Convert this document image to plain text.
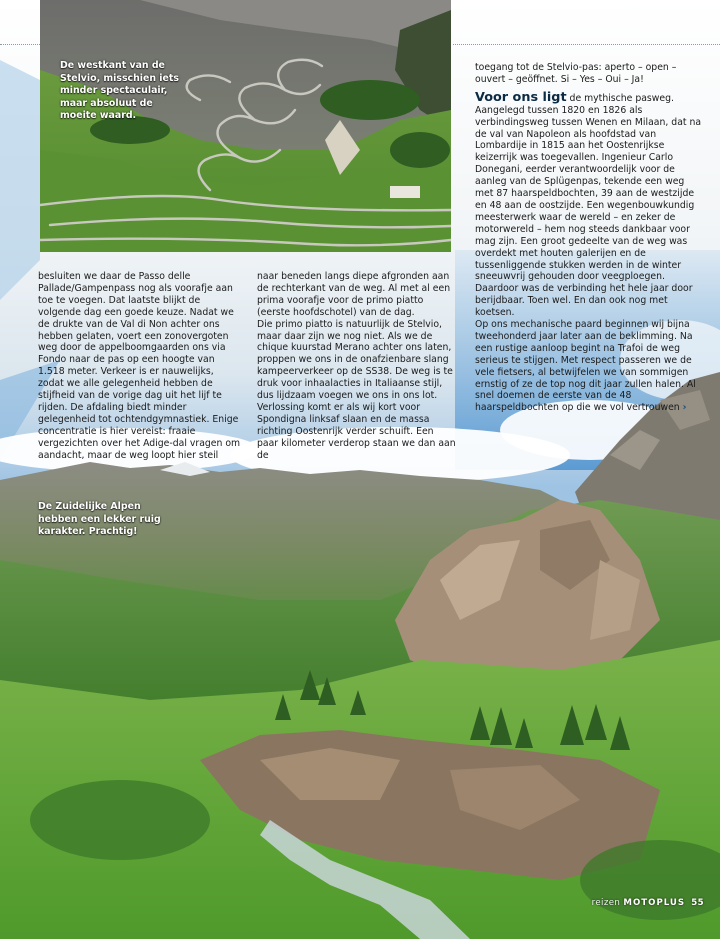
De westkant van de Stelvio, misschien iets minder spectaculair, maar absoluut de moeite waard.
De Zuidelijke Alpen hebben een lekker ruig karakter. Prachtig!

toegang tot de Stelvio-pas: aperto – open – ouvert – geöffnet. Si – Yes – Oui – Ja!

Voor ons ligt de mythische pasweg. Aangelegd tussen 1820 en 1826 als verbindingsweg tussen Wenen en Milaan, dat na de val van Napoleon als hoofdstad van Lombardije in 1815 aan het Oostenrijkse keizerrijk was toegevallen. Ingenieur Carlo Donegani, eerder verantwoordelijk voor de aanleg van de Splügenpas, tekende een weg met 87 haarspeldbochten, 39 aan de westzijde en 48 aan de oostzijde. Een wegenbouwkundig meesterwerk waar de wereld – en zeker de motorwereld – hem nog steeds dankbaar voor mag zijn. Een groot gedeelte van de weg was overdekt met houten galerijen en de tussenliggende stukken werden in de winter sneeuwvrij gehouden door veegploegen. Daardoor was de verbinding het hele jaar door berijdbaar. Toen wel. En dan ook nog met koetsen.

Op ons mechanische paard beginnen wij bijna tweehonderd jaar later aan de beklimming. Na een rustige aanloop begint na Trafoi de weg serieus te stijgen. Met respect passeren we de vele fietsers, al betwijfelen we van sommigen ernstig of ze de top nog dit jaar zullen halen. Al snel doemen de eerste van de 48 haarspeldbochten op die we vol vertrouwen ›

besluiten we daar de Passo delle Pallade/Gampenpass nog als voorafje aan toe te voegen. Dat laatste blijkt de volgende dag een goede keuze. Nadat we de drukte van de Val di Non achter ons hebben gelaten, voert een zonovergoten weg door de appelboomgaarden ons via Fondo naar de pas op een hoogte van 1.518 meter. Verkeer is er nauwelijks, zodat we alle gelegenheid hebben de stijfheid van de vorige dag uit het lijf te rijden. De afdaling biedt minder gelegenheid tot ochtendgymnastiek. Enige concentratie is hier vereist: fraaie vergezichten over het Adige-dal vragen om aandacht, maar de weg loopt hier steil

naar beneden langs diepe afgronden aan de rechterkant van de weg. Al met al een prima voorafje voor de primo piatto (eerste hoofdschotel) van de dag.

Die primo piatto is natuurlijk de Stelvio, maar daar zijn we nog niet. Als we de chique kuurstad Merano achter ons laten, proppen we ons in de onafzienbare slang kampeerverkeer op de SS38. De weg is te druk voor inhaalacties in Italiaanse stijl, dus lijdzaam voegen we ons in ons lot. Verlossing komt er als wij kort voor Spondigna linksaf slaan en de massa richting Oostenrijk verder schuift. Een paar kilometer verderop staan we dan aan de

reizen MOTOPLUS 55
